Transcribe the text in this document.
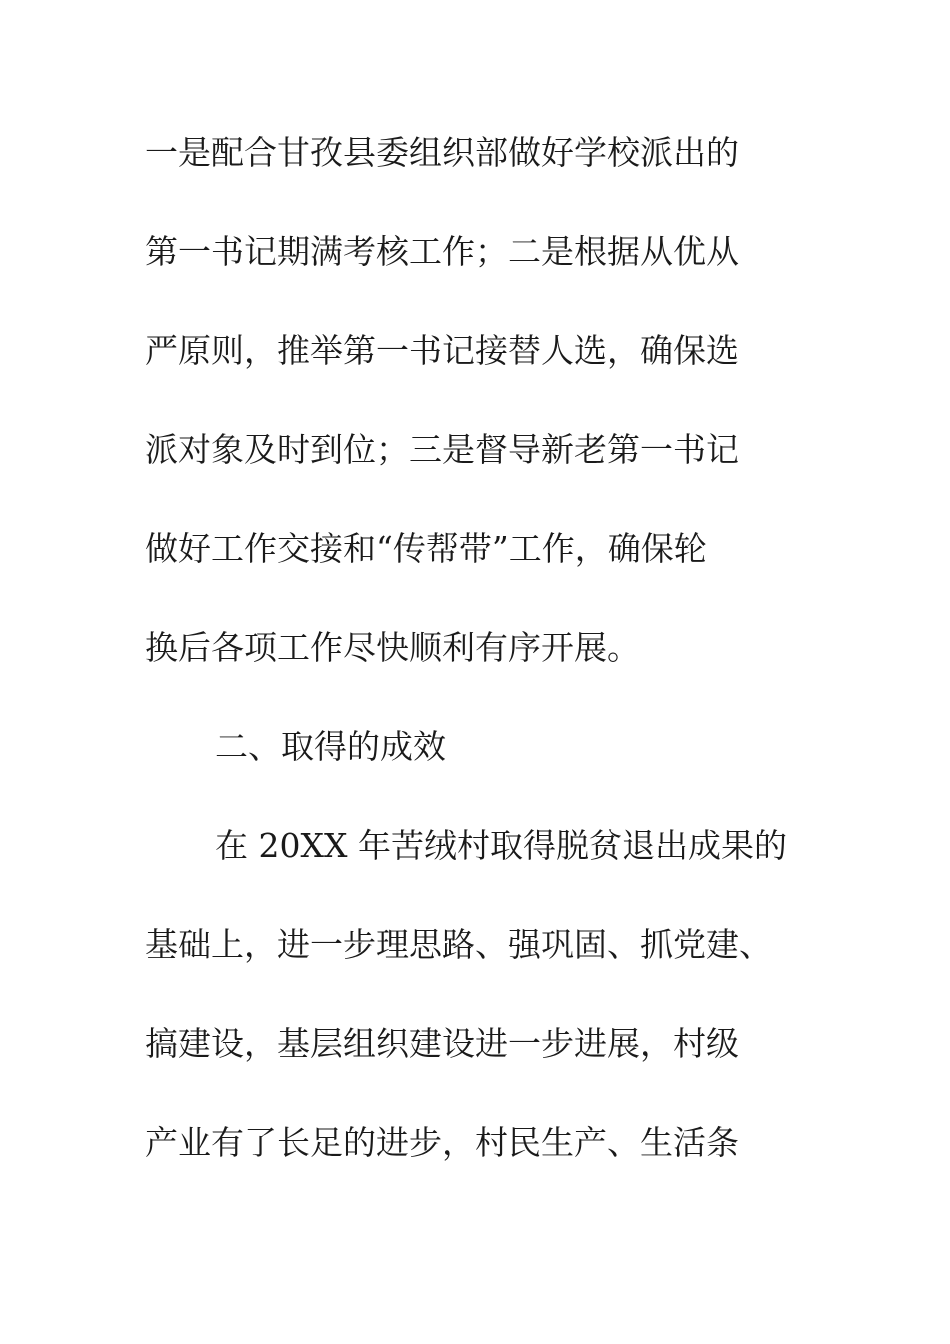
一是配合甘孜县委组织部做好学校派出的
第一书记期满考核工作；二是根据从优从
严原则，推举第一书记接替人选，确保选
派对象及时到位；三是督导新老第一书记
做好工作交接和“传帮带”工作，确保轮
换后各项工作尽快顺利有序开展。
二、取得的成效
在 20XX 年苦绒村取得脱贫退出成果的
基础上，进一步理思路、强巩固、抓党建、
搞建设，基层组织建设进一步进展，村级
产业有了长足的进步，村民生产、生活条
